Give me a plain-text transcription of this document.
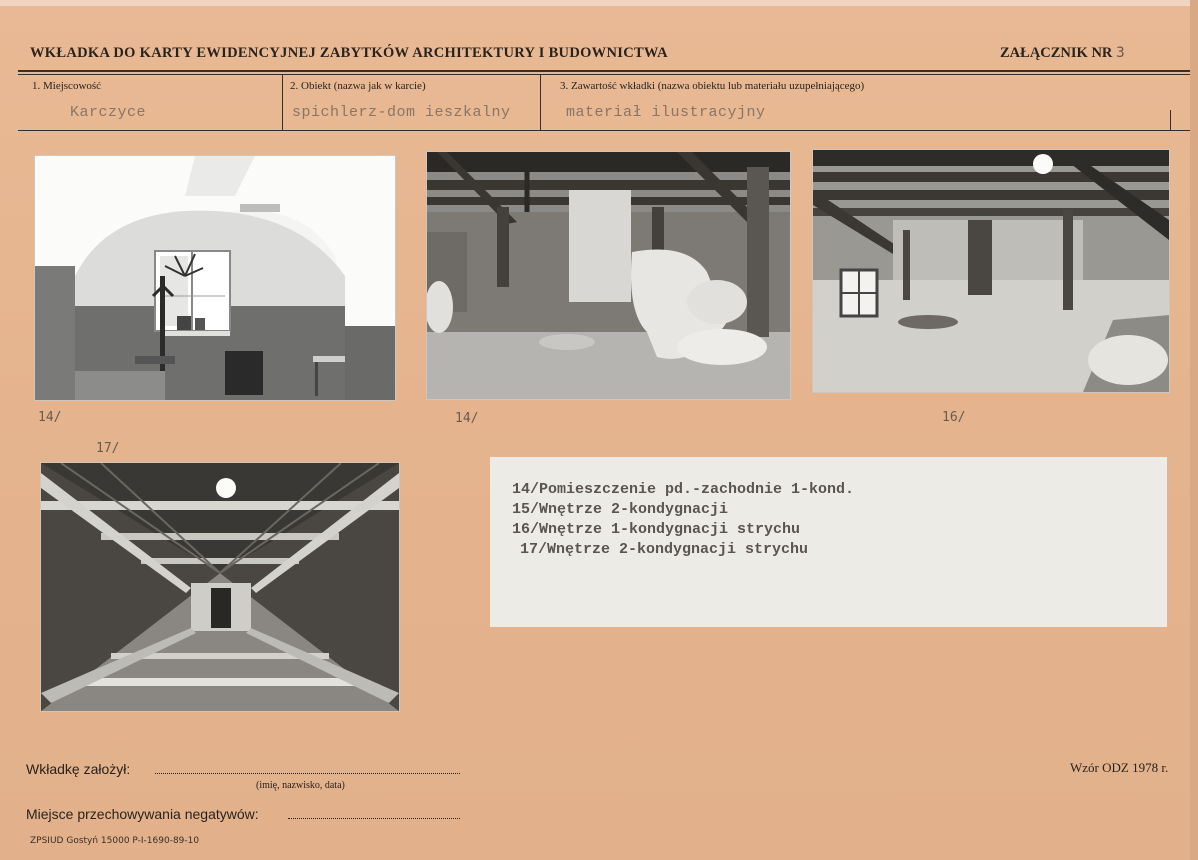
WKŁADKA DO KARTY EWIDENCYJNEJ ZABYTKÓW ARCHITEKTURY I BUDOWNICTWA	ZAŁĄCZNIK NR 3
1. Miejscowość
Karczyce
2. Obiekt (nazwa jak w karcie)
spichlerz-dom ieszkalny
3. Zawartość wkładki (nazwa obiektu lub materiału uzupełniającego)
materiał ilustracyjny
14/	14/	16/
17/
14/Pomieszczenie pd.-zachodnie 1-kond.
15/Wnętrze 2-kondygnacji
16/Wnętrze 1-kondygnacji strychu
17/Wnętrze 2-kondygnacji strychu
Wkładkę założył:
(imię, nazwisko, data)
Wzór ODZ 1978 r.
Miejsce przechowywania negatywów:
ZPSIUD Gostyń 15000 P-I-1690-89-10
